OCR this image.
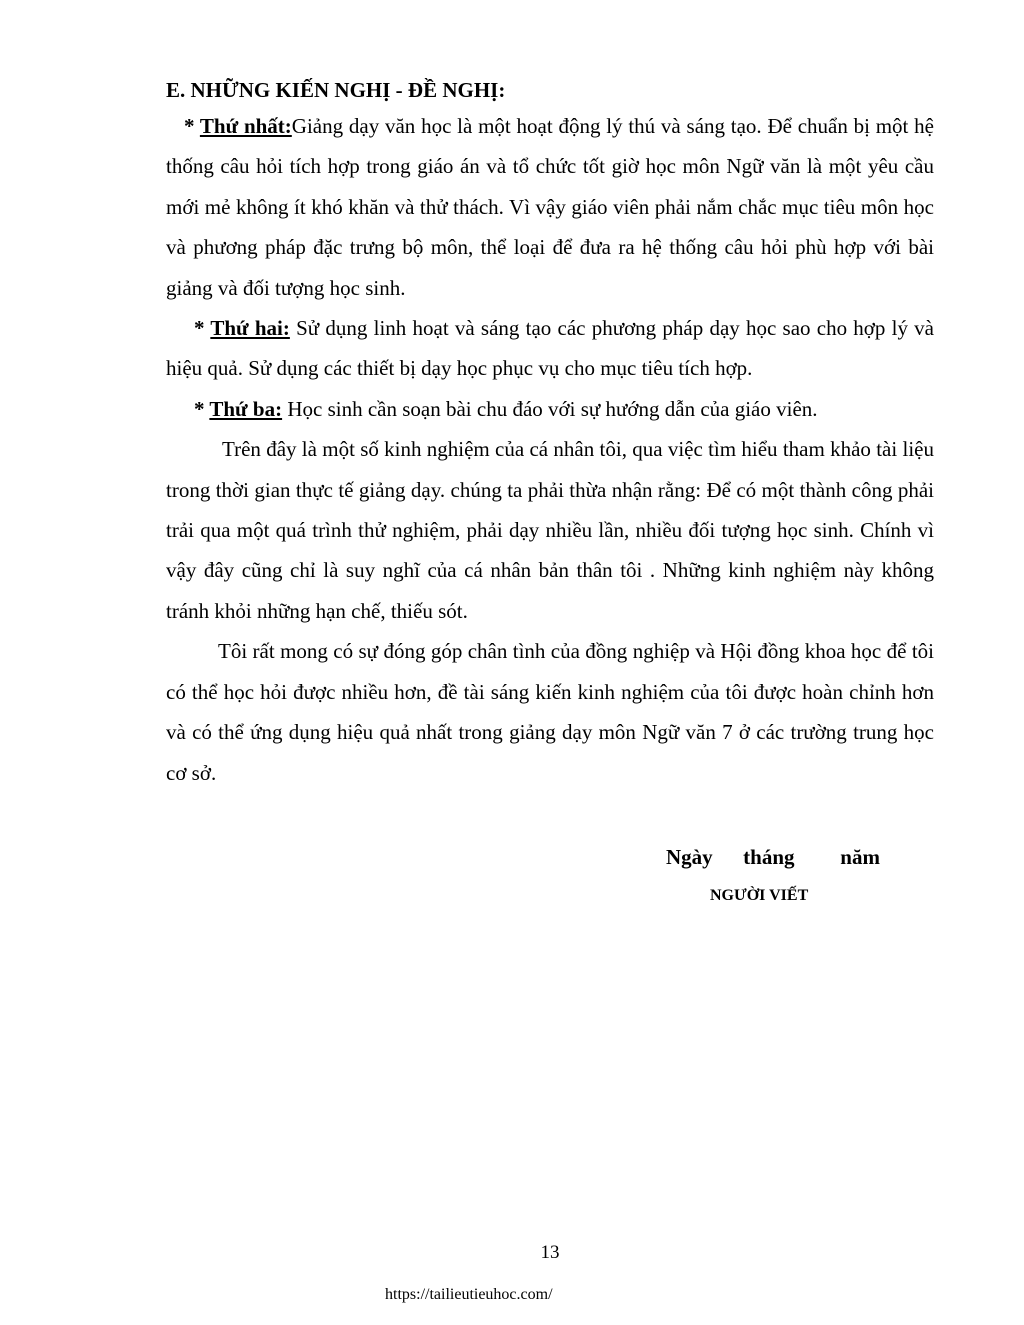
E. NHỮNG KIẾN NGHỊ - ĐỀ NGHỊ:

* Thứ nhất:Giảng dạy văn học là một hoạt động lý thú và sáng tạo. Để chuẩn bị một hệ thống câu hỏi tích hợp trong giáo án và tổ chức tốt giờ học môn Ngữ văn là một yêu cầu mới mẻ không ít khó khăn và thử thách. Vì vậy giáo viên phải nắm chắc mục tiêu môn học và phương pháp đặc trưng bộ môn, thể loại để đưa ra hệ thống câu hỏi phù hợp với bài giảng và đối tượng học sinh.

* Thứ hai: Sử dụng linh hoạt và sáng tạo các phương pháp dạy học sao cho hợp lý và hiệu quả. Sử dụng các thiết bị dạy học phục vụ cho mục tiêu tích hợp.

* Thứ ba: Học sinh cần soạn bài chu đáo với sự hướng dẫn của giáo viên.

Trên đây là một số kinh nghiệm của cá nhân tôi, qua việc tìm hiểu tham khảo tài liệu trong thời gian thực tế giảng dạy. chúng ta phải thừa nhận rằng: Để có một thành công phải trải qua một quá trình thử nghiệm, phải dạy nhiều lần, nhiều đối tượng học sinh. Chính vì vậy đây cũng chỉ là suy nghĩ của cá nhân bản thân tôi . Những kinh nghiệm này không tránh khỏi những hạn chế, thiếu sót.

Tôi rất mong có sự đóng góp chân tình của đồng nghiệp và Hội đồng khoa học để tôi có thể học hỏi được nhiều hơn, đề tài sáng kiến kinh nghiệm của tôi được hoàn chỉnh hơn và có thể ứng dụng hiệu quả nhất trong giảng dạy môn Ngữ văn 7 ở các trường trung học cơ sở.

Ngày  tháng   năm
NGƯỜI VIẾT
13
https://tailieutieuhoc.com/
